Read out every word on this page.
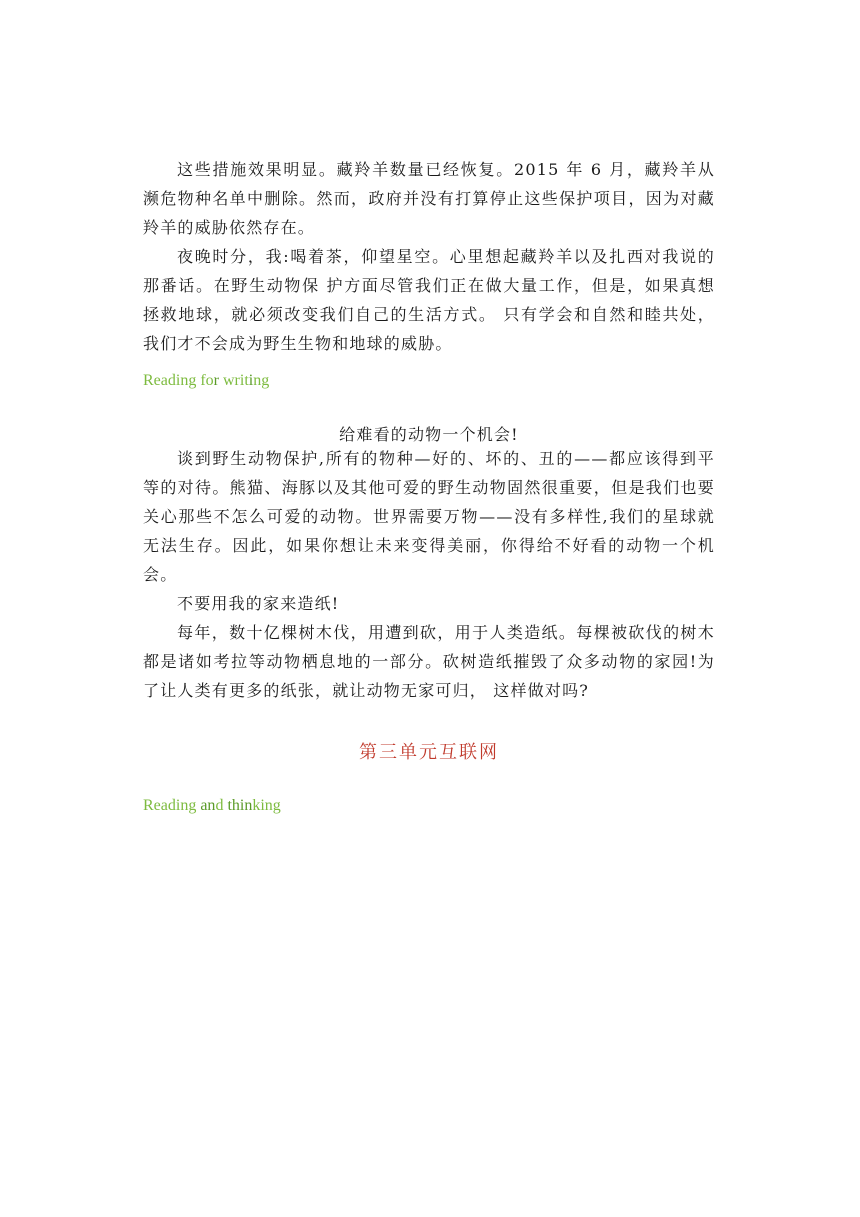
这些措施效果明显。藏羚羊数量已经恢复。2015 年 6 月，藏羚羊从濒危物种名单中删除。然而，政府并没有打算停止这些保护项目，因为对藏羚羊的威胁依然存在。

夜晚时分，我:喝着茶，仰望星空。心里想起藏羚羊以及扎西对我说的那番话。在野生动物保 护方面尽管我们正在做大量工作，但是，如果真想拯救地球，就必须改变我们自己的生活方式。 只有学会和自然和睦共处，我们才不会成为野生生物和地球的威胁。

Reading for writing
给难看的动物一个机会!

谈到野生动物保护,所有的物种—好的、坏的、丑的——都应该得到平等的对待。熊猫、海豚以及其他可爱的野生动物固然很重要，但是我们也要关心那些不怎么可爱的动物。世界需要万物——没有多样性,我们的星球就无法生存。因此，如果你想让未来变得美丽，你得给不好看的动物一个机会。

不要用我的家来造纸!

每年，数十亿棵树木伐，用遭到砍，用于人类造纸。每棵被砍伐的树木都是诸如考拉等动物栖息地的一部分。砍树造纸摧毁了众多动物的家园!为了让人类有更多的纸张，就让动物无家可归， 这样做对吗?

第三单元互联网
Reading and thinking
